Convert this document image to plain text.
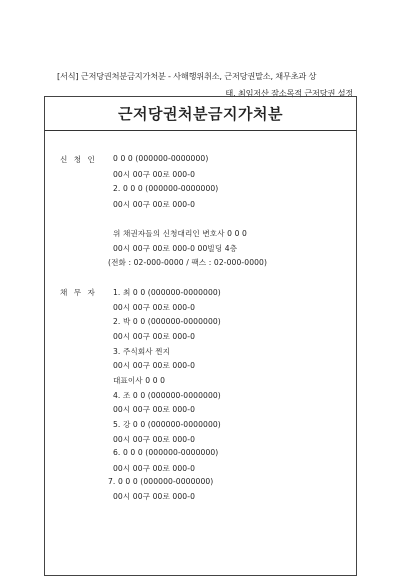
[서식] 근저당권처분금지가처분 - 사해행위취소, 근저당권말소, 채무초과 상

태, 최임저산 잠소목적 근저당권 설정
근저당권처분금지가처분
신 청 인 0 0 0 (000000-0000000)
00시 00구 00로 000-0
2. 0 0 0 (000000-0000000)
00시 00구 00로 000-0
위 채권자들의 신청대리인 변호사 0 0 0
00시 00구 00로 000-0 00빌딩 4층
(전화 : 02-000-0000 / 팩스 : 02-000-0000)
채 무 자 1. 최 0 0 (000000-0000000)
00시 00구 00로 000-0
2. 박 0 0 (000000-0000000)
00시 00구 00로 000-0
3. 주식회사 찐지
00시 00구 00로 000-0
대표이사 0 0 0
4. 조 0 0 (000000-0000000)
00시 00구 00로 000-0
5. 강 0 0 (000000-0000000)
00시 00구 00로 000-0
6. 0 0 0 (000000-0000000)
00시 00구 00로 000-0
7. 0 0 0 (000000-0000000)
00시 00구 00로 000-0
